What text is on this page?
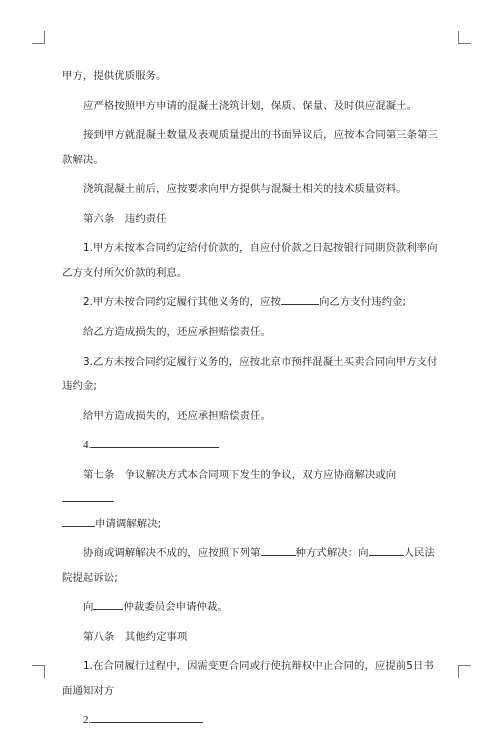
甲方，提供优质服务。

应严格按照甲方申请的混凝土浇筑计划，保质、保量、及时供应混凝土。

接到甲方就混凝土数量及表观质量提出的书面异议后，应按本合同第三条第三款解决。

浇筑混凝土前后，应按要求向甲方提供与混凝土相关的技术质量资料。

第六条　违约责任

1.甲方未按本合同约定给付价款的，自应付价款之日起按银行同期贷款利率向乙方支付所欠价款的利息。

2.甲方未按合同约定履行其他义务的，应按	向乙方支付违约金;

给乙方造成损失的，还应承担赔偿责任。

3.乙方未按合同约定履行义务的，应按北京市预拌混凝土买卖合同向甲方支付违约金;

给甲方造成损失的，还应承担赔偿责任。

4.

第七条　争议解决方式本合同项下发生的争议，双方应协商解决或向
申请调解解决;

协商或调解解决不成的，应按照下列第	种方式解决：向	人民法院提起诉讼;

向	仲裁委员会申请仲裁。

第八条　其他约定事项

1.在合同履行过程中，因需变更合同或行使抗辩权中止合同的，应提前5日书面通知对方

2.
